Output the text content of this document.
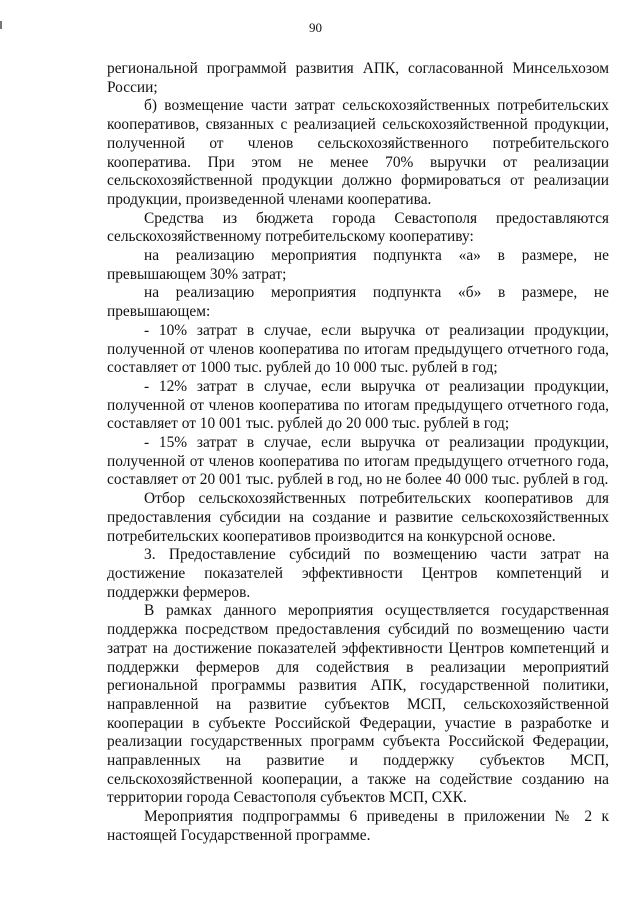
90

региональной программой развития АПК, согласованной Минсельхозом России;

б) возмещение части затрат сельскохозяйственных потребительских кооперативов, связанных с реализацией сельскохозяйственной продукции, полученной от членов сельскохозяйственного потребительского кооператива. При этом не менее 70% выручки от реализации сельскохозяйственной продукции должно формироваться от реализации продукции, произведенной членами кооператива.

Средства из бюджета города Севастополя предоставляются сельскохозяйственному потребительскому кооперативу:

на реализацию мероприятия подпункта «а» в размере, не превышающем 30% затрат;

на реализацию мероприятия подпункта «б» в размере, не превышающем:

- 10% затрат в случае, если выручка от реализации продукции, полученной от членов кооператива по итогам предыдущего отчетного года, составляет от 1000 тыс. рублей до 10 000 тыс. рублей в год;

- 12% затрат в случае, если выручка от реализации продукции, полученной от членов кооператива по итогам предыдущего отчетного года, составляет от 10 001 тыс. рублей до 20 000 тыс. рублей в год;

- 15% затрат в случае, если выручка от реализации продукции, полученной от членов кооператива по итогам предыдущего отчетного года, составляет от 20 001 тыс. рублей в год, но не более 40 000 тыс. рублей в год.

Отбор сельскохозяйственных потребительских кооперативов для предоставления субсидии на создание и развитие сельскохозяйственных потребительских кооперативов производится на конкурсной основе.

3. Предоставление субсидий по возмещению части затрат на достижение показателей эффективности Центров компетенций и поддержки фермеров.

В рамках данного мероприятия осуществляется государственная поддержка посредством предоставления субсидий по возмещению части затрат на достижение показателей эффективности Центров компетенций и поддержки фермеров для содействия в реализации мероприятий региональной программы развития АПК, государственной политики, направленной на развитие субъектов МСП, сельскохозяйственной кооперации в субъекте Российской Федерации, участие в разработке и реализации государственных программ субъекта Российской Федерации, направленных на развитие и поддержку субъектов МСП, сельскохозяйственной кооперации, а также на содействие созданию на территории города Севастополя субъектов МСП, СХК.

Мероприятия подпрограммы 6 приведены в приложении № 2 к настоящей Государственной программе.
